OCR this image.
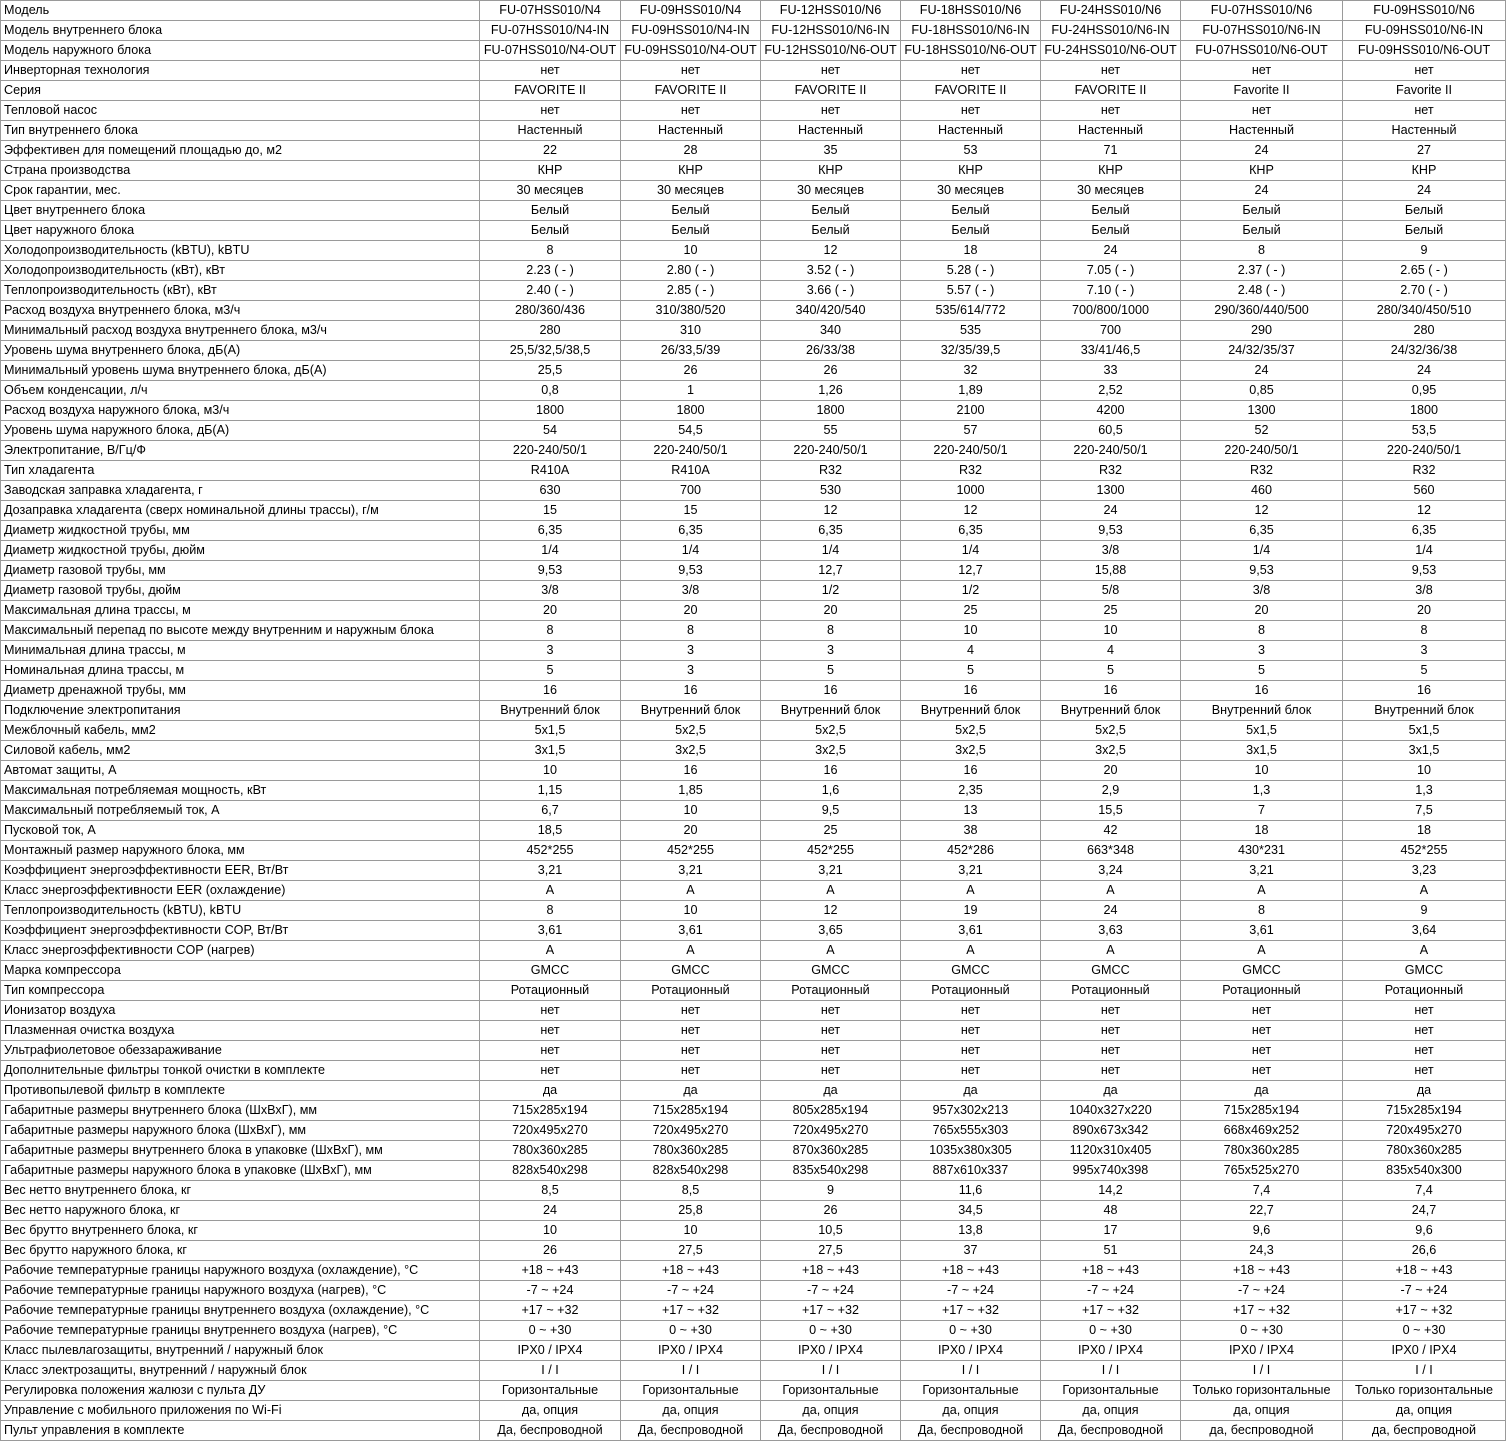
Модель	FU-07HSS010/N4	FU-09HSS010/N4	FU-12HSS010/N6	FU-18HSS010/N6	FU-24HSS010/N6	FU-07HSS010/N6	FU-09HSS010/N6
Модель внутреннего блока	FU-07HSS010/N4-IN	FU-09HSS010/N4-IN	FU-12HSS010/N6-IN	FU-18HSS010/N6-IN	FU-24HSS010/N6-IN	FU-07HSS010/N6-IN	FU-09HSS010/N6-IN
Модель наружного блока	FU-07HSS010/N4-OUT	FU-09HSS010/N4-OUT	FU-12HSS010/N6-OUT	FU-18HSS010/N6-OUT	FU-24HSS010/N6-OUT	FU-07HSS010/N6-OUT	FU-09HSS010/N6-OUT
Инверторная технология	нет	нет	нет	нет	нет	нет	нет
Серия	FAVORITE II	FAVORITE II	FAVORITE II	FAVORITE II	FAVORITE II	Favorite II	Favorite II
Тепловой насос	нет	нет	нет	нет	нет	нет	нет
Тип внутреннего блока	Настенный	Настенный	Настенный	Настенный	Настенный	Настенный	Настенный
Эффективен для помещений площадью до, м2	22	28	35	53	71	24	27
Страна производства	КНР	КНР	КНР	КНР	КНР	КНР	КНР
Срок гарантии, мес.	30 месяцев	30 месяцев	30 месяцев	30 месяцев	30 месяцев	24	24
Цвет внутреннего блока	Белый	Белый	Белый	Белый	Белый	Белый	Белый
Цвет наружного блока	Белый	Белый	Белый	Белый	Белый	Белый	Белый
Холодопроизводительность (kBTU), kBTU	8	10	12	18	24	8	9
Холодопроизводительность (кВт), кВт	2.23 ( - )	2.80 ( - )	3.52 ( - )	5.28 ( - )	7.05 ( - )	2.37 ( - )	2.65 ( - )
Теплопроизводительность (кВт), кВт	2.40 ( - )	2.85 ( - )	3.66 ( - )	5.57 ( - )	7.10 ( - )	2.48 ( - )	2.70 ( - )
Расход воздуха внутреннего блока, м3/ч	280/360/436	310/380/520	340/420/540	535/614/772	700/800/1000	290/360/440/500	280/340/450/510
Минимальный расход воздуха внутреннего блока, м3/ч	280	310	340	535	700	290	280
Уровень шума внутреннего блока, дБ(А)	25,5/32,5/38,5	26/33,5/39	26/33/38	32/35/39,5	33/41/46,5	24/32/35/37	24/32/36/38
Минимальный уровень шума внутреннего блока, дБ(А)	25,5	26	26	32	33	24	24
Объем конденсации, л/ч	0,8	1	1,26	1,89	2,52	0,85	0,95
Расход воздуха наружного блока, м3/ч	1800	1800	1800	2100	4200	1300	1800
Уровень шума наружного блока, дБ(А)	54	54,5	55	57	60,5	52	53,5
Электропитание, В/Гц/Ф	220-240/50/1	220-240/50/1	220-240/50/1	220-240/50/1	220-240/50/1	220-240/50/1	220-240/50/1
Тип хладагента	R410A	R410A	R32	R32	R32	R32	R32
Заводская заправка хладагента, г	630	700	530	1000	1300	460	560
Дозаправка хладагента (сверх номинальной длины трассы), г/м	15	15	12	12	24	12	12
Диаметр жидкостной трубы, мм	6,35	6,35	6,35	6,35	9,53	6,35	6,35
Диаметр жидкостной трубы, дюйм	1/4	1/4	1/4	1/4	3/8	1/4	1/4
Диаметр газовой трубы, мм	9,53	9,53	12,7	12,7	15,88	9,53	9,53
Диаметр газовой трубы, дюйм	3/8	3/8	1/2	1/2	5/8	3/8	3/8
Максимальная длина трассы, м	20	20	20	25	25	20	20
Максимальный перепад по высоте между внутренним и наружным блока	8	8	8	10	10	8	8
Минимальная длина трассы, м	3	3	3	4	4	3	3
Номинальная длина трассы, м	5	3	5	5	5	5	5
Диаметр дренажной трубы, мм	16	16	16	16	16	16	16
Подключение электропитания	Внутренний блок	Внутренний блок	Внутренний блок	Внутренний блок	Внутренний блок	Внутренний блок	Внутренний блок
Межблочный кабель, мм2	5х1,5	5х2,5	5х2,5	5х2,5	5х2,5	5х1,5	5х1,5
Силовой кабель, мм2	3х1,5	3х2,5	3х2,5	3х2,5	3х2,5	3х1,5	3х1,5
Автомат защиты, А	10	16	16	16	20	10	10
Максимальная потребляемая мощность, кВт	1,15	1,85	1,6	2,35	2,9	1,3	1,3
Максимальный потребляемый ток, А	6,7	10	9,5	13	15,5	7	7,5
Пусковой ток, А	18,5	20	25	38	42	18	18
Монтажный размер наружного блока, мм	452*255	452*255	452*255	452*286	663*348	430*231	452*255
Коэффициент энергоэффективности EER, Вт/Вт	3,21	3,21	3,21	3,21	3,24	3,21	3,23
Класс энергоэффективности EER (охлаждение)	A	A	A	A	A	A	A
Теплопроизводительность (kBTU), kBTU	8	10	12	19	24	8	9
Коэффициент энергоэффективности COP, Вт/Вт	3,61	3,61	3,65	3,61	3,63	3,61	3,64
Класс энергоэффективности COP (нагрев)	A	A	A	A	A	A	A
Марка компрессора	GMCC	GMCC	GMCC	GMCC	GMCC	GMCC	GMCC
Тип компрессора	Ротационный	Ротационный	Ротационный	Ротационный	Ротационный	Ротационный	Ротационный
Ионизатор воздуха	нет	нет	нет	нет	нет	нет	нет
Плазменная очистка воздуха	нет	нет	нет	нет	нет	нет	нет
Ультрафиолетовое обеззараживание	нет	нет	нет	нет	нет	нет	нет
Дополнительные фильтры тонкой очистки в комплекте	нет	нет	нет	нет	нет	нет	нет
Противопылевой фильтр в комплекте	да	да	да	да	да	да	да
Габаритные размеры внутреннего блока (ШхВхГ), мм	715x285x194	715x285x194	805x285x194	957x302x213	1040x327x220	715x285x194	715x285x194
Габаритные размеры наружного блока (ШхВхГ), мм	720x495x270	720x495x270	720x495x270	765x555x303	890x673x342	668x469x252	720x495x270
Габаритные размеры внутреннего блока в упаковке (ШхВхГ), мм	780x360x285	780x360x285	870x360x285	1035x380x305	1120x310x405	780x360x285	780x360x285
Габаритные размеры наружного блока в упаковке (ШхВхГ), мм	828x540x298	828x540x298	835x540x298	887x610x337	995x740x398	765x525x270	835x540x300
Вес нетто внутреннего блока, кг	8,5	8,5	9	11,6	14,2	7,4	7,4
Вес нетто наружного блока, кг	24	25,8	26	34,5	48	22,7	24,7
Вес брутто внутреннего блока, кг	10	10	10,5	13,8	17	9,6	9,6
Вес брутто наружного блока, кг	26	27,5	27,5	37	51	24,3	26,6
Рабочие температурные границы наружного воздуха (охлаждение), °С	+18 ~ +43	+18 ~ +43	+18 ~ +43	+18 ~ +43	+18 ~ +43	+18 ~ +43	+18 ~ +43
Рабочие температурные границы наружного воздуха (нагрев), °С	-7 ~ +24	-7 ~ +24	-7 ~ +24	-7 ~ +24	-7 ~ +24	-7 ~ +24	-7 ~ +24
Рабочие температурные границы внутреннего воздуха (охлаждение), °С	+17 ~ +32	+17 ~ +32	+17 ~ +32	+17 ~ +32	+17 ~ +32	+17 ~ +32	+17 ~ +32
Рабочие температурные границы внутреннего воздуха (нагрев), °С	0 ~ +30	0 ~ +30	0 ~ +30	0 ~ +30	0 ~ +30	0 ~ +30	0 ~ +30
Класс пылевлагозащиты, внутренний / наружный блок	IPX0 / IPX4	IPX0 / IPX4	IPX0 / IPX4	IPX0 / IPX4	IPX0 / IPX4	IPX0 / IPX4	IPX0 / IPX4
Класс электрозащиты, внутренний / наружный блок	I / I	I / I	I / I	I / I	I / I	I / I	I / I
Регулировка положения жалюзи с пульта ДУ	Горизонтальные	Горизонтальные	Горизонтальные	Горизонтальные	Горизонтальные	Только горизонтальные	Только горизонтальные
Управление с мобильного приложения по Wi-Fi	да, опция	да, опция	да, опция	да, опция	да, опция	да, опция	да, опция
Пульт управления в комплекте	Да, беспроводной	Да, беспроводной	Да, беспроводной	Да, беспроводной	Да, беспроводной	да, беспроводной	да, беспроводной
